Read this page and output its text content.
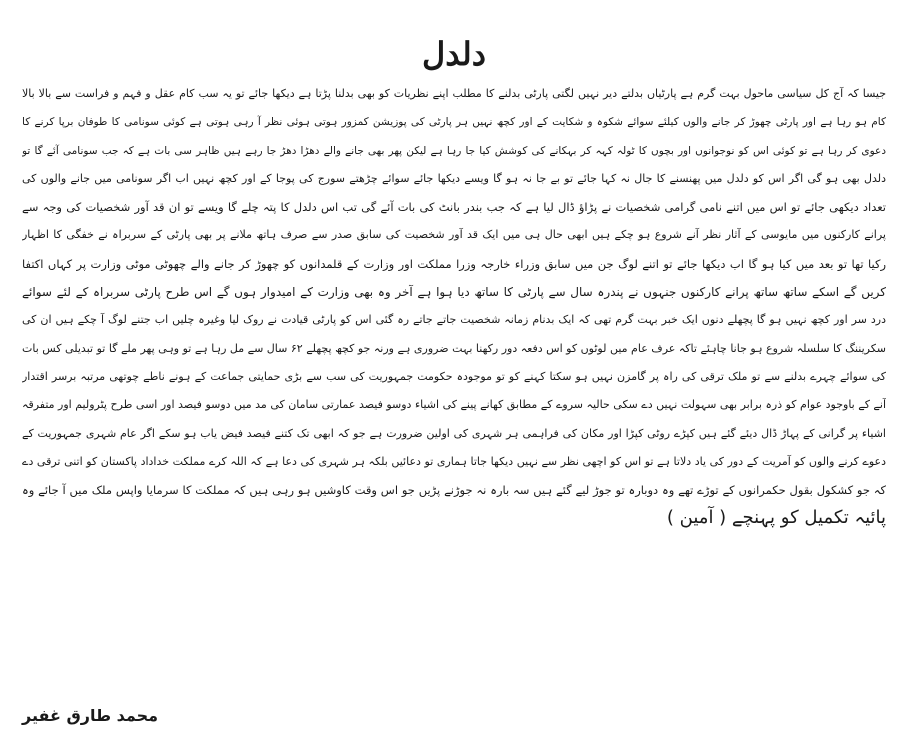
دلدل
جیسا کہ آج کل سیاسی ماحول بہت گرم ہے پارٹیاں بدلتے دیر نہیں لگتی پارٹی بدلنے کا مطلب اپنے نظریات کو بھی بدلنا پڑتا ہے دیکھا جائے تو یہ سب کام عقل و فہم و فراست سے بالا بالا
کام ہو رہا ہے اور پارٹی چھوڑ کر جانے والوں کیلئے سوائے شکوہ و شکایت کے اور کچھ نہیں ہر پارٹی کی پوزیشن کمزور ہوتی ہوئی نظر آ رہی ہوتی ہے کوئی سونامی کا طوفان برپا کرنے کا
دعوی کر رہا ہے تو کوئی اس کو نوجوانوں اور بچوں کا ٹولہ کہہ کر بہکانے کی کوشش کیا جا رہا ہے لیکن پھر بھی جانے والے دھڑا دھڑ جا رہے ہیں ظاہر سی بات ہے کہ جب سونامی آئے گا تو
دلدل بھی ہو گی اگر اس کو دلدل میں پھنسنے کا جال نہ کہا جائے تو بے جا نہ ہو گا ویسے دیکھا جائے سوائے چڑھتے سورج کی پوجا کے اور کچھ نہیں اب اگر سونامی میں جانے والوں کی
تعداد دیکھی جائے تو اس میں اتنے نامی گرامی شخصیات نے پڑاؤ ڈال لیا ہے کہ جب بندر بانٹ کی بات آئے گی تب اس دلدل کا پتہ چلے گا ویسے تو ان قد آور شخصیات کی وجہ سے
پرانے کارکنوں میں مایوسی کے آثار نظر آنے شروع ہو چکے ہیں ابھی حال ہی میں ایک قد آور شخصیت کی سابق صدر سے صرف ہاتھ ملانے پر بھی پارٹی کے سربراہ نے خفگی کا اظہار
رکیا تھا تو بعد میں کیا ہو گا اب دیکھا جائے تو اتنے لوگ جن میں سابق وزراء خارجہ وزرا مملکت اور وزارت کے قلمدانوں کو چھوڑ کر جانے والے چھوٹی موٹی وزارت پر کہاں اکتفا
کریں گے اسکے ساتھ ساتھ پرانے کارکنوں جنہوں نے پندرہ سال سے پارٹی کا ساتھ دیا ہوا ہے آخر وہ بھی وزارت کے امیدوار ہوں گے اس طرح پارٹی سربراہ کے لئے سوائے
درد سر اور کچھ نہیں ہو گا پچھلے دنوں ایک خبر بہت گرم تھی کہ ایک بدنام زمانہ شخصیت جاتے جاتے رہ گئی اس کو پارٹی قیادت نے روک لیا وغیرہ چلیں اب جتنے لوگ آ چکے ہیں ان کی
سکریننگ کا سلسلہ شروع ہو جانا چاہئے تاکہ عرف عام میں لوٹوں کو اس دفعہ دور رکھنا بہت ضروری ہے ورنہ جو کچھ پچھلے ۶۲ سال سے مل رہا ہے تو وہی پھر ملے گا تو تبدیلی کس بات
کی سوائے چہرے بدلنے سے تو ملک ترقی کی راہ پر گامزن نہیں ہو سکتا کہنے کو تو موجودہ حکومت جمہوریت کی سب سے بڑی حمایتی جماعت کے ہونے ناطے چوتھی مرتبہ برسر اقتدار
آنے کے باوجود عوام کو ذرہ برابر بھی سہولت نہیں دے سکی حالیہ سروے کے مطابق کھانے پینے کی اشیاء دوسو فیصد عمارتی سامان کی مد میں دوسو فیصد اور اسی طرح پٹرولیم اور متفرقہ
اشیاء پر گرانی کے پہاڑ ڈال دیئے گئے ہیں کپڑے روٹی کپڑا اور مکان کی فراہمی ہر شہری کی اولین ضرورت ہے جو کہ ابھی تک کتنے فیصد فیض یاب ہو سکے اگر عام شہری جمہوریت کے
دعوے کرنے والوں کو آمریت کے دور کی یاد دلاتا ہے تو اس کو اچھی نظر سے نہیں دیکھا جاتا ہماری تو دعائیں بلکہ ہر شہری کی دعا ہے کہ اللہ کرے مملکت خداداد پاکستان کو اتنی ترقی دے
کہ جو کشکول بقول حکمرانوں کے توڑے تھے وہ دوبارہ تو جوڑ لیے گئے ہیں سہ بارہ نہ جوڑنے پڑیں جو اس وقت کاوشیں ہو رہی ہیں کہ مملکت کا سرمایا واپس ملک میں آ جائے وہ
پائیہ تکمیل کو پہنچے ( آمین )
محمد طارق غفیر
